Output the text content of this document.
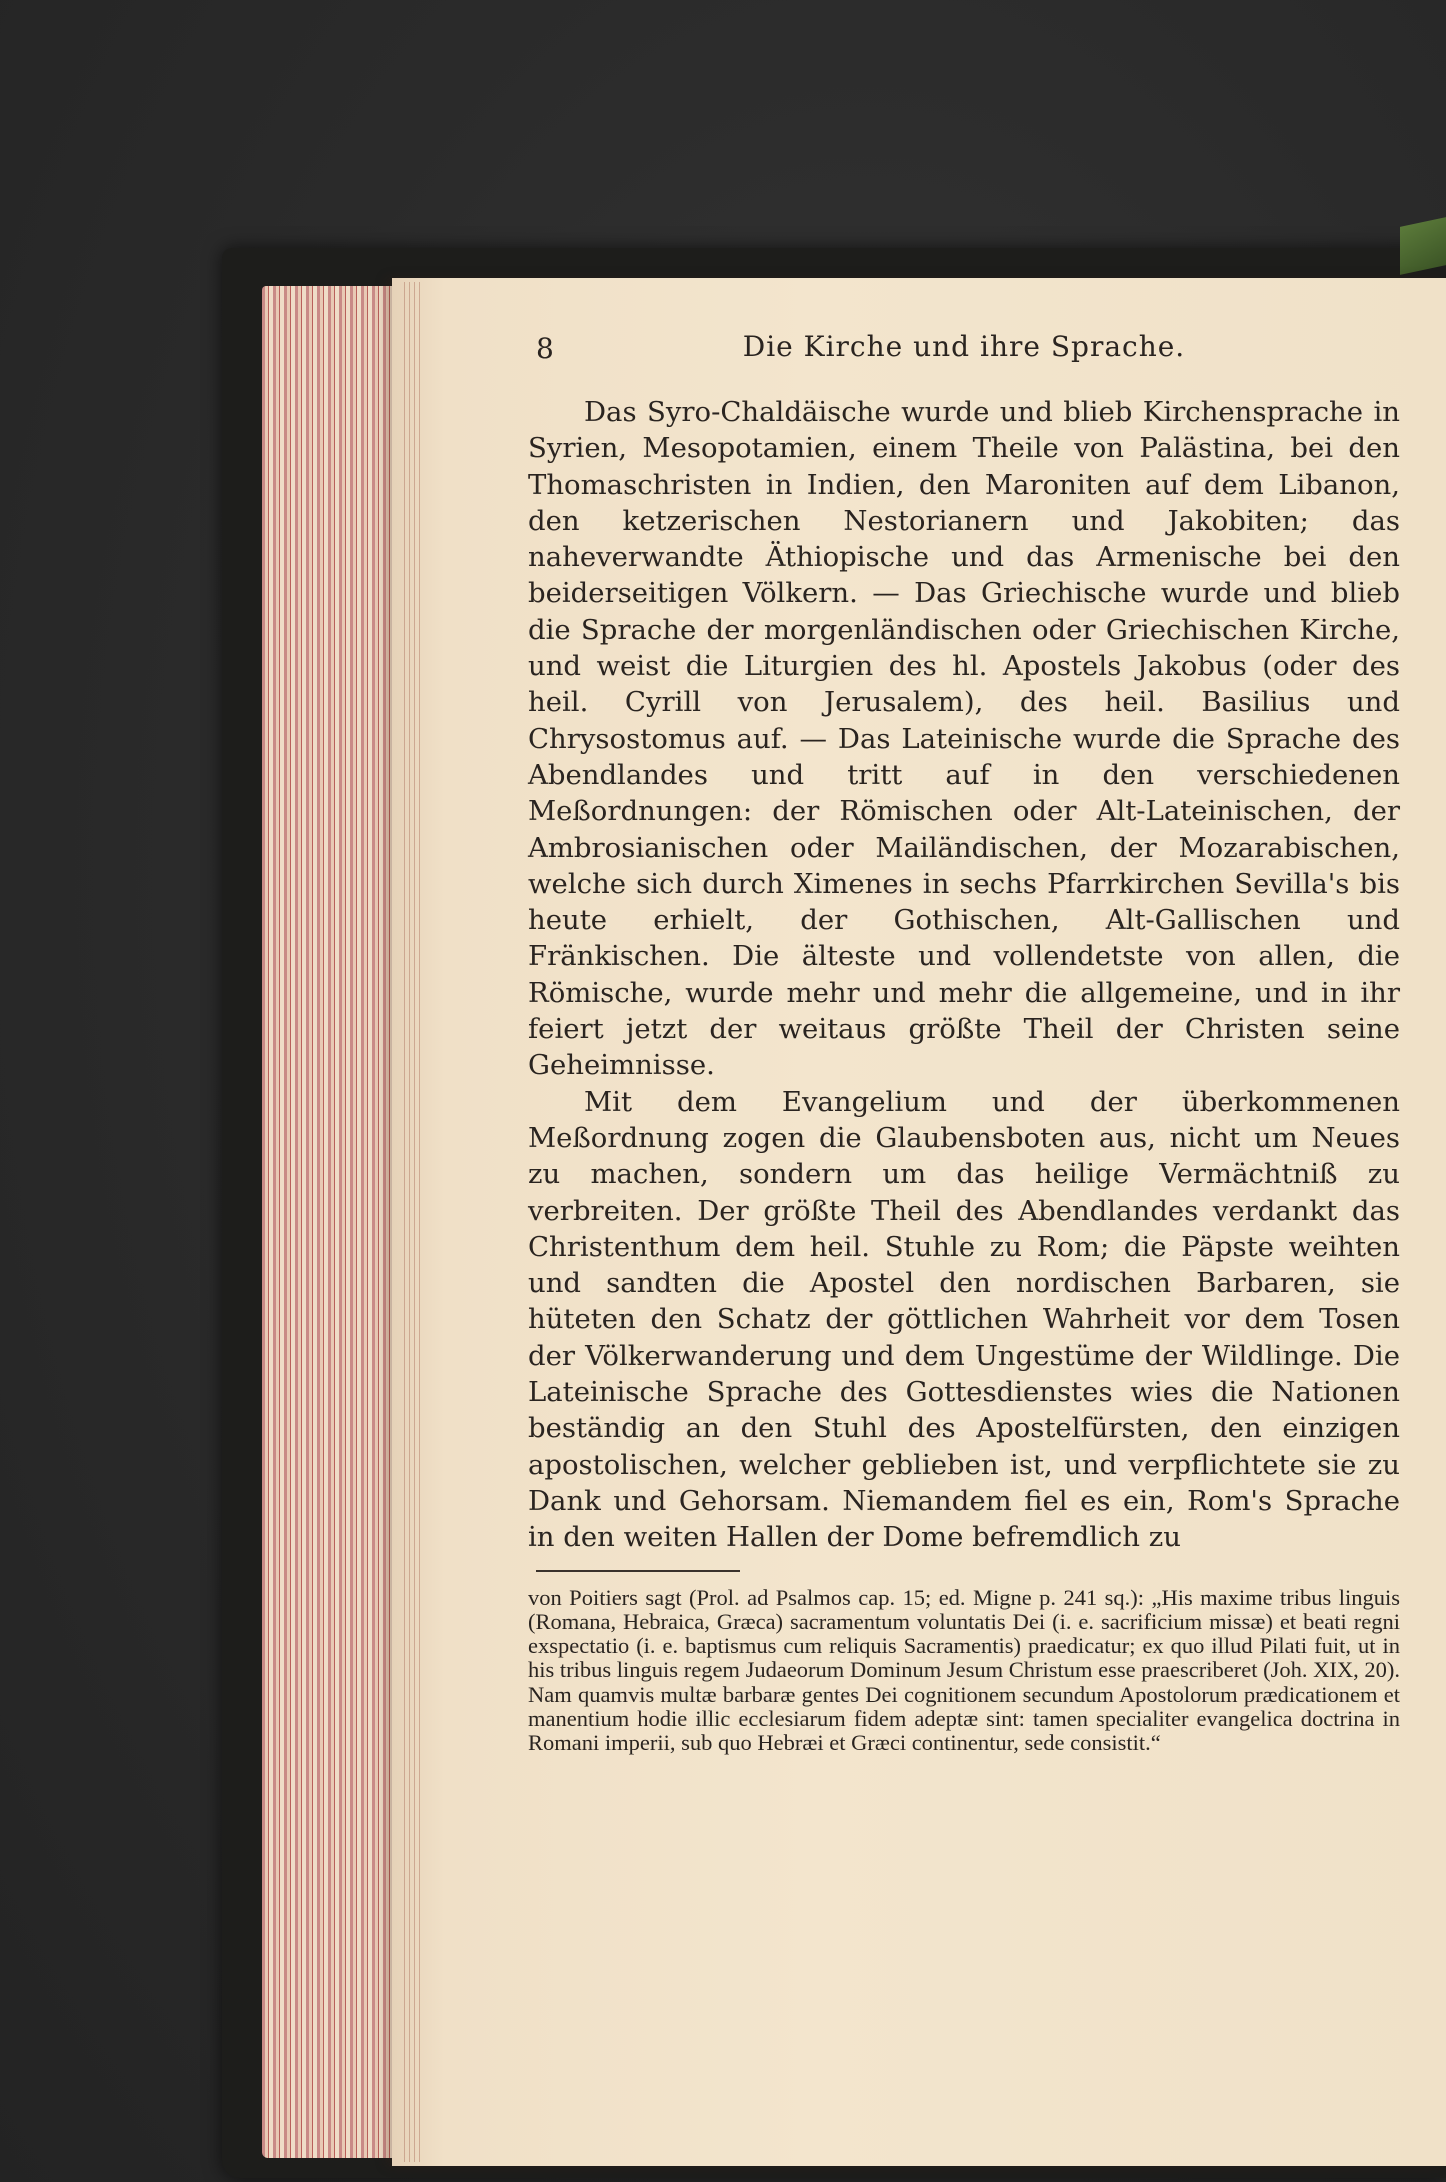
8	Die Kirche und ihre Sprache.

Das Syro-Chaldäische wurde und blieb Kirchensprache in Syrien, Mesopotamien, einem Theile von Palästina, bei den Thomaschristen in Indien, den Maroniten auf dem Libanon, den ketzerischen Nestorianern und Jakobiten; das naheverwandte Äthiopische und das Armenische bei den beiderseitigen Völkern. — Das Griechische wurde und blieb die Sprache der morgenländischen oder Griechischen Kirche, und weist die Liturgien des hl. Apostels Jakobus (oder des heil. Cyrill von Jerusalem), des heil. Basilius und Chrysostomus auf. — Das Lateinische wurde die Sprache des Abendlandes und tritt auf in den verschiedenen Meßordnungen: der Römischen oder Alt-Lateinischen, der Ambrosianischen oder Mailändischen, der Mozarabischen, welche sich durch Ximenes in sechs Pfarrkirchen Sevilla's bis heute erhielt, der Gothischen, Alt-Gallischen und Fränkischen. Die älteste und vollendetste von allen, die Römische, wurde mehr und mehr die allgemeine, und in ihr feiert jetzt der weitaus größte Theil der Christen seine Geheimnisse.

Mit dem Evangelium und der überkommenen Meßordnung zogen die Glaubensboten aus, nicht um Neues zu machen, sondern um das heilige Vermächtniß zu verbreiten. Der größte Theil des Abendlandes verdankt das Christenthum dem heil. Stuhle zu Rom; die Päpste weihten und sandten die Apostel den nordischen Barbaren, sie hüteten den Schatz der göttlichen Wahrheit vor dem Tosen der Völkerwanderung und dem Ungestüme der Wildlinge. Die Lateinische Sprache des Gottesdienstes wies die Nationen beständig an den Stuhl des Apostelfürsten, den einzigen apostolischen, welcher geblieben ist, und verpflichtete sie zu Dank und Gehorsam. Niemandem fiel es ein, Rom's Sprache in den weiten Hallen der Dome befremdlich zu

von Poitiers sagt (Prol. ad Psalmos cap. 15; ed. Migne p. 241 sq.): „His maxime tribus linguis (Romana, Hebraica, Græca) sacramentum voluntatis Dei (i. e. sacrificium missæ) et beati regni exspectatio (i. e. baptismus cum reliquis Sacramentis) praedicatur; ex quo illud Pilati fuit, ut in his tribus linguis regem Judaeorum Dominum Jesum Christum esse praescriberet (Joh. XIX, 20). Nam quamvis multæ barbaræ gentes Dei cognitionem secundum Apostolorum prædicationem et manentium hodie illic ecclesiarum fidem adeptæ sint: tamen specialiter evangelica doctrina in Romani imperii, sub quo Hebræi et Græci continentur, sede consistit.“
